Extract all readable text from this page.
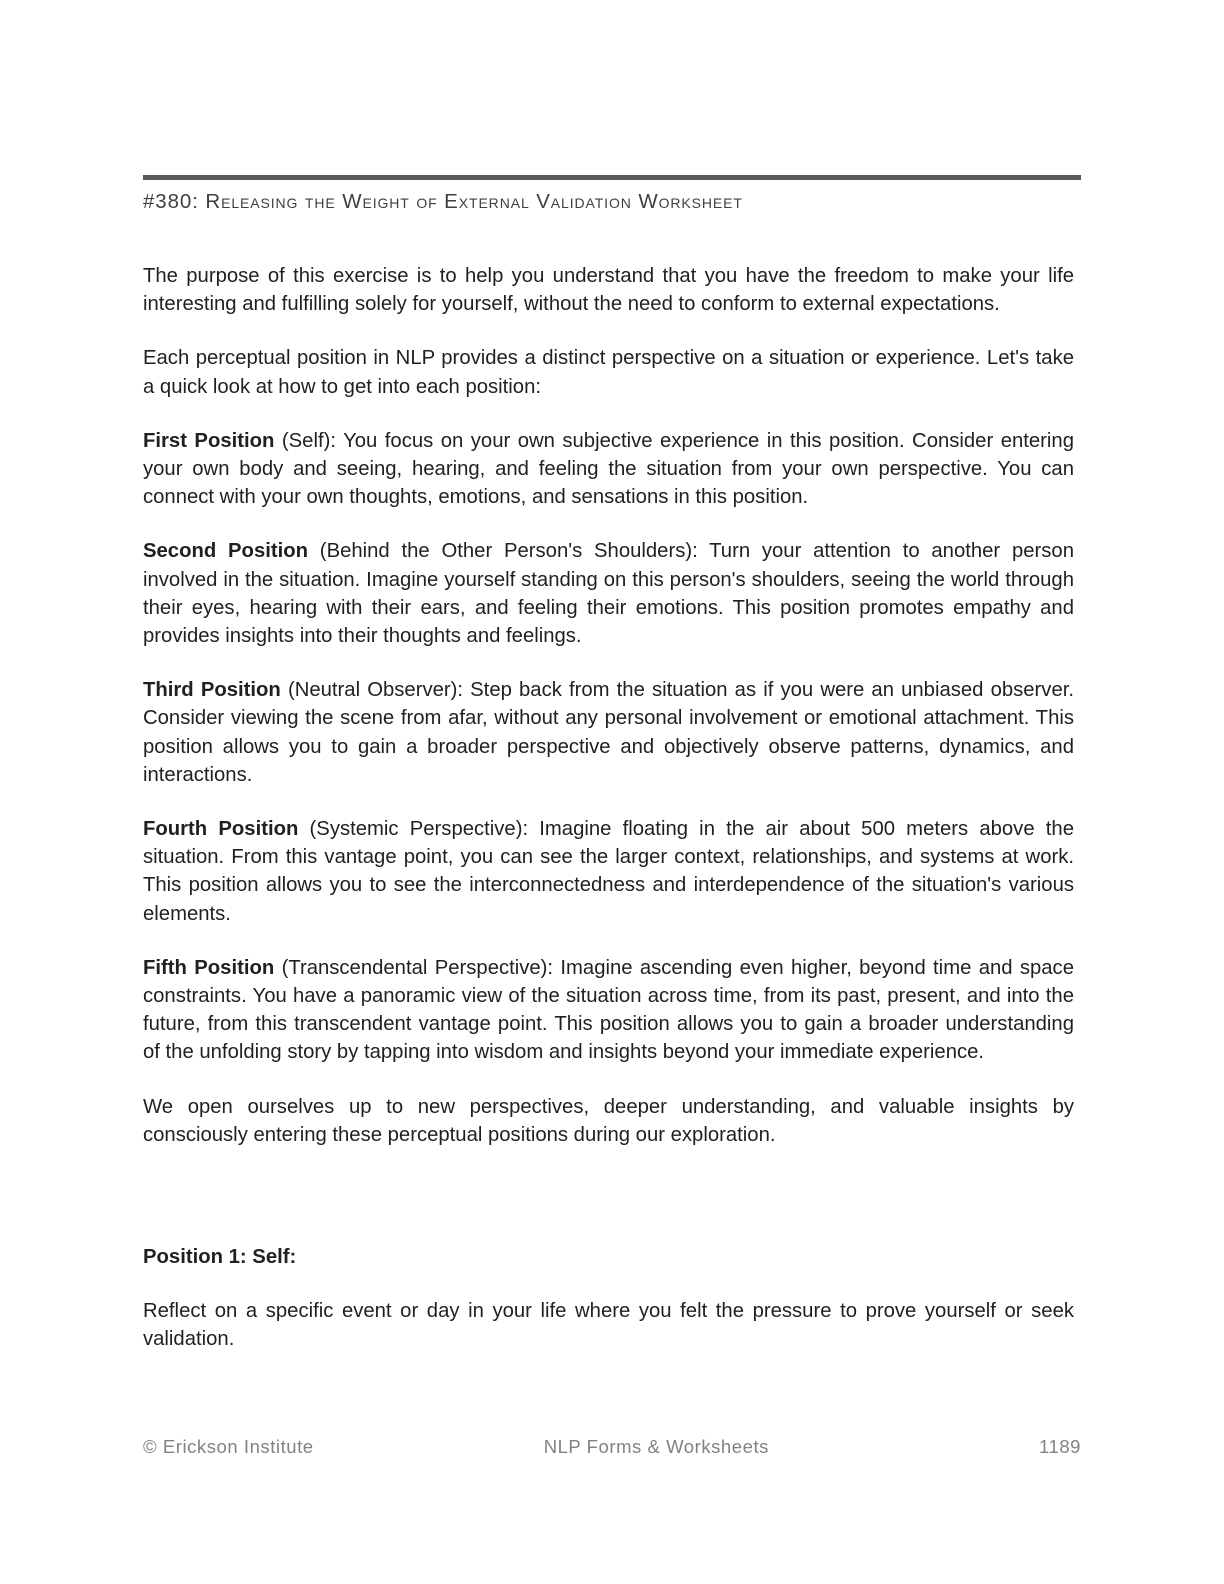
#380: Releasing the Weight of External Validation Worksheet

The purpose of this exercise is to help you understand that you have the freedom to make your life interesting and fulfilling solely for yourself, without the need to conform to external expectations.

Each perceptual position in NLP provides a distinct perspective on a situation or experience. Let's take a quick look at how to get into each position:

First Position (Self): You focus on your own subjective experience in this position. Consider entering your own body and seeing, hearing, and feeling the situation from your own perspective. You can connect with your own thoughts, emotions, and sensations in this position.

Second Position (Behind the Other Person's Shoulders): Turn your attention to another person involved in the situation. Imagine yourself standing on this person's shoulders, seeing the world through their eyes, hearing with their ears, and feeling their emotions. This position promotes empathy and provides insights into their thoughts and feelings.

Third Position (Neutral Observer): Step back from the situation as if you were an unbiased observer. Consider viewing the scene from afar, without any personal involvement or emotional attachment. This position allows you to gain a broader perspective and objectively observe patterns, dynamics, and interactions.

Fourth Position (Systemic Perspective): Imagine floating in the air about 500 meters above the situation. From this vantage point, you can see the larger context, relationships, and systems at work. This position allows you to see the interconnectedness and interdependence of the situation's various elements.

Fifth Position (Transcendental Perspective): Imagine ascending even higher, beyond time and space constraints. You have a panoramic view of the situation across time, from its past, present, and into the future, from this transcendent vantage point. This position allows you to gain a broader understanding of the unfolding story by tapping into wisdom and insights beyond your immediate experience.

We open ourselves up to new perspectives, deeper understanding, and valuable insights by consciously entering these perceptual positions during our exploration.

Position 1: Self:

Reflect on a specific event or day in your life where you felt the pressure to prove yourself or seek validation.

© Erickson Institute	NLP Forms & Worksheets	1189
